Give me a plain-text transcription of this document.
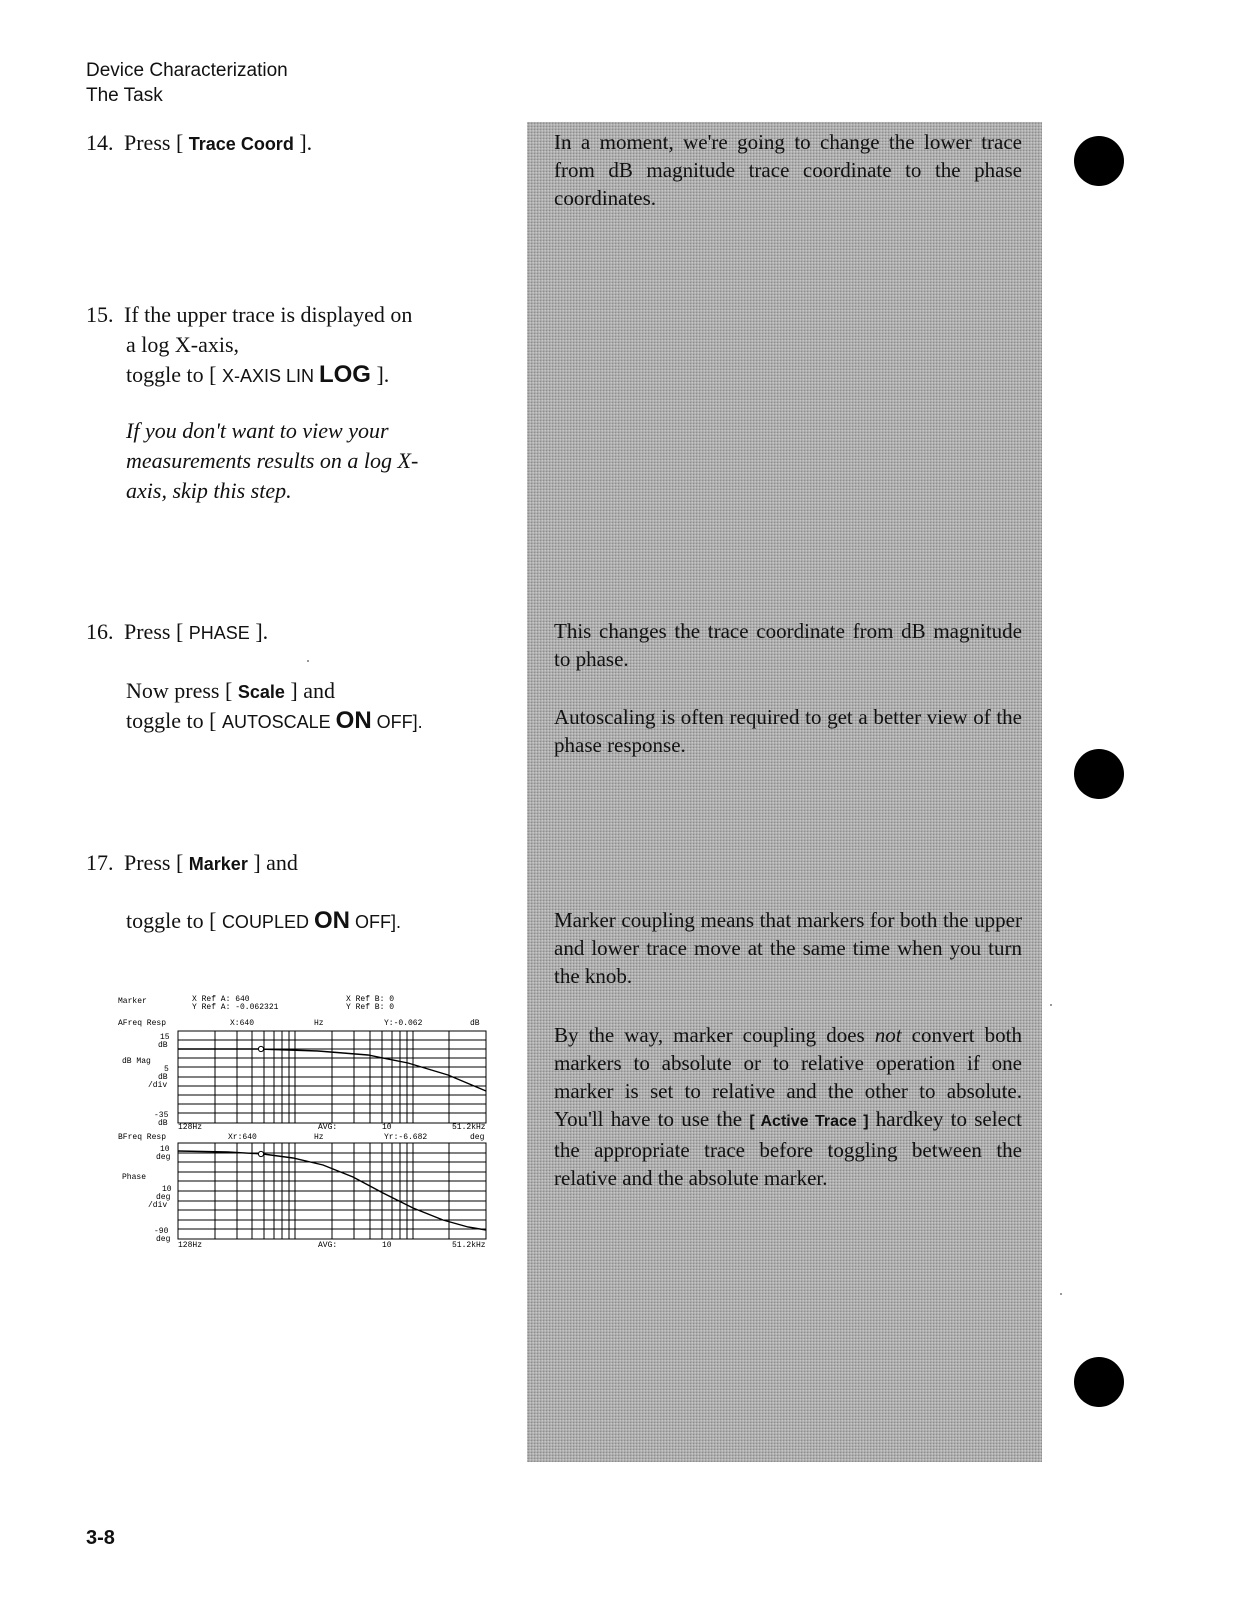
Device Characterization
The Task
14. Press [ Trace Coord ].
15. If the upper trace is displayed on
a log X-axis,
toggle to [ X-AXIS LIN LOG ].
If you don't want to view your measurements results on a log X-axis, skip this step.
16. Press [ PHASE ].
Now press [ Scale ] and
toggle to [ AUTOSCALE ON OFF].
17. Press [ Marker ] and
toggle to [ COUPLED ON OFF].
In a moment, we're going to change the lower trace from dB magnitude trace coordinate to the phase coordinates.
This changes the trace coordinate from dB magnitude to phase.
Autoscaling is often required to get a better view of the phase response.
Marker coupling means that markers for both the upper and lower trace move at the same time when you turn the knob.
By the way, marker coupling does not convert both markers to absolute or to relative operation if one marker is set to relative and the other to absolute. You'll have to use the [ Active Trace ] hardkey to select the appropriate trace before toggling between the relative and the absolute marker.
Marker	X Ref A: 640
Y Ref A: -0.062321
X Ref B: 0
Y Ref B: 0
AFreq Resp	X:640	Hz	Y:-0.062	dB
15
dB
dB Mag
5
dB
/div
-35
dB 128Hz	AVG:	10	51.2kHz
BFreq Resp	Xr:640	Hz	Yr:-6.682	deg
10
deg
Phase
10
deg
/div
-90
deg
128Hz	AVG:	10	51.2kHz
3-8
